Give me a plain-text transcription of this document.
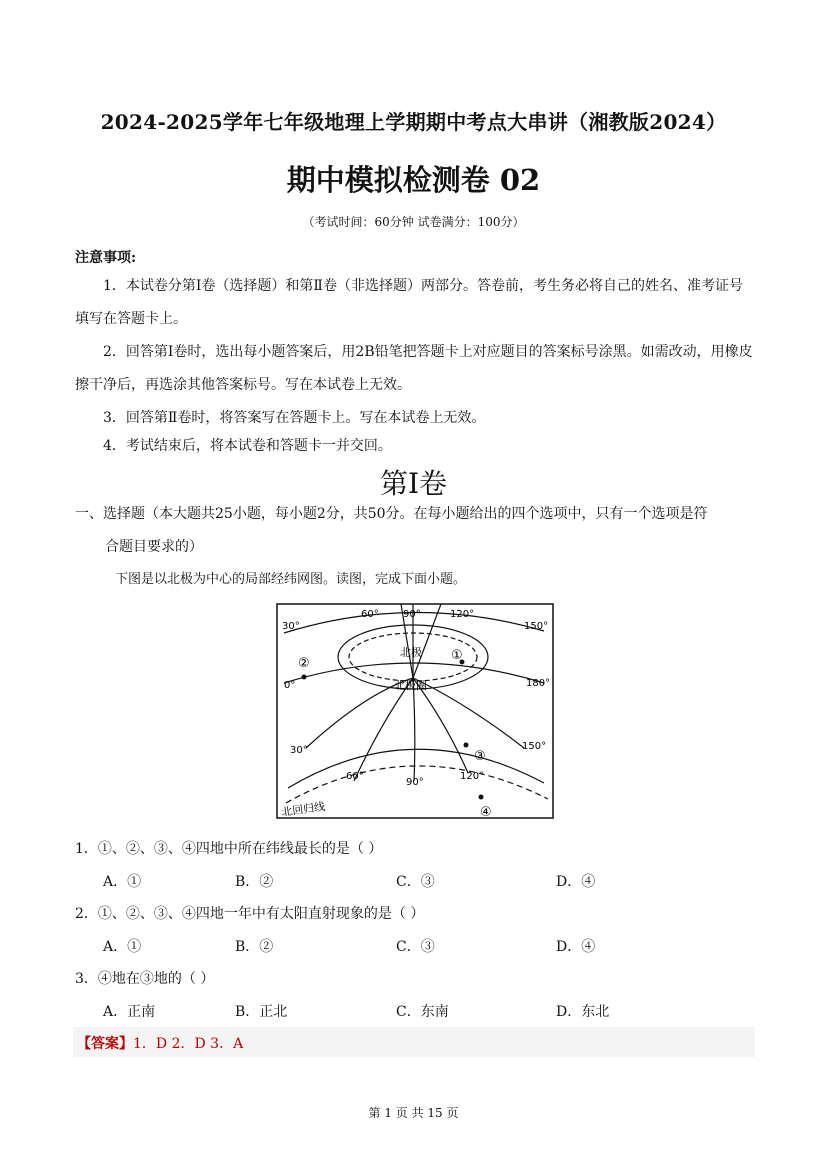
2024-2025学年七年级地理上学期期中考点大串讲（湘教版2024）
期中模拟检测卷 02
（考试时间：60分钟 试卷满分：100分）
注意事项:
1．本试卷分第Ⅰ卷（选择题）和第Ⅱ卷（非选择题）两部分。答卷前，考生务必将自己的姓名、准考证号填写在答题卡上。
2．回答第Ⅰ卷时，选出每小题答案后，用2B铅笔把答题卡上对应题目的答案标号涂黑。如需改动，用橡皮擦干净后，再选涂其他答案标号。写在本试卷上无效。
3．回答第Ⅱ卷时，将答案写在答题卡上。写在本试卷上无效。
4．考试结束后，将本试卷和答题卡一并交回。
第Ⅰ卷
一、选择题（本大题共25小题，每小题2分，共50分。在每小题给出的四个选项中，只有一个选项是符
合题目要求的）
下图是以北极为中心的局部经纬网图。读图，完成下面小题。
30°
0°
150°
180°
60° 90°	120°
北极
北极圈
北回归线
30°
60°
90°
120°
150°
①
②
③
④
1．①、②、③、④四地中所在纬线最长的是（ ）
A．①	B．②	C．③	D．④
2．①、②、③、④四地一年中有太阳直射现象的是（ ）
A．①	B．②	C．③	D．④
3．④地在③地的（ ）
A．正南	B．正北	C．东南	D．东北
【答案】 1．D 2．D 3．A
第 1 页 共 15 页
